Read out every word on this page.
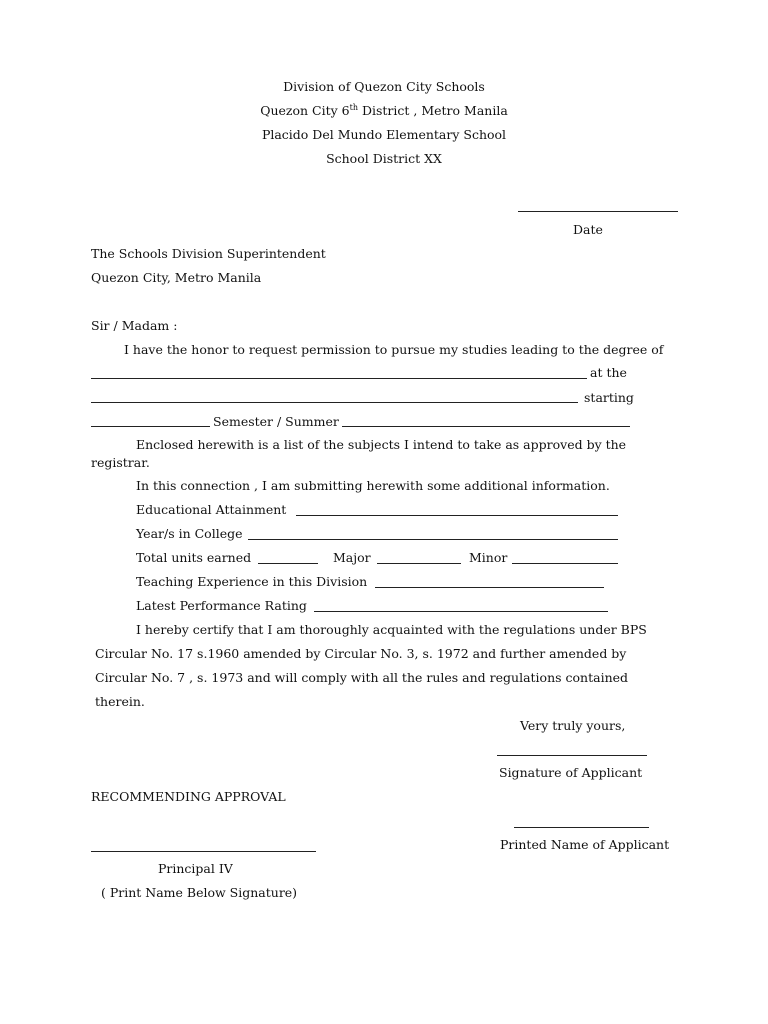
Division of Quezon City Schools
Quezon City 6th District , Metro Manila
Placido Del Mundo Elementary School
School District XX
Date
The Schools Division Superintendent
Quezon City, Metro Manila
Sir / Madam :
I have the honor to request permission to pursue my studies leading to the degree of
at the
starting
Semester / Summer
Enclosed herewith is a list of the subjects I intend to take as approved by the
registrar.
In this connection , I am submitting herewith some additional information.
Educational Attainment
Year/s in College
Total units earned	Major	Minor
Teaching Experience in this Division
Latest Performance Rating
I hereby certify that I am thoroughly acquainted with the regulations under BPS
Circular No. 17 s.1960 amended by Circular No. 3, s. 1972 and further amended by
Circular No. 7 , s. 1973 and will comply with all the rules and regulations contained
therein.
Very truly yours,
Signature of Applicant
RECOMMENDING APPROVAL
Printed Name of Applicant
Principal IV
( Print Name Below Signature)
